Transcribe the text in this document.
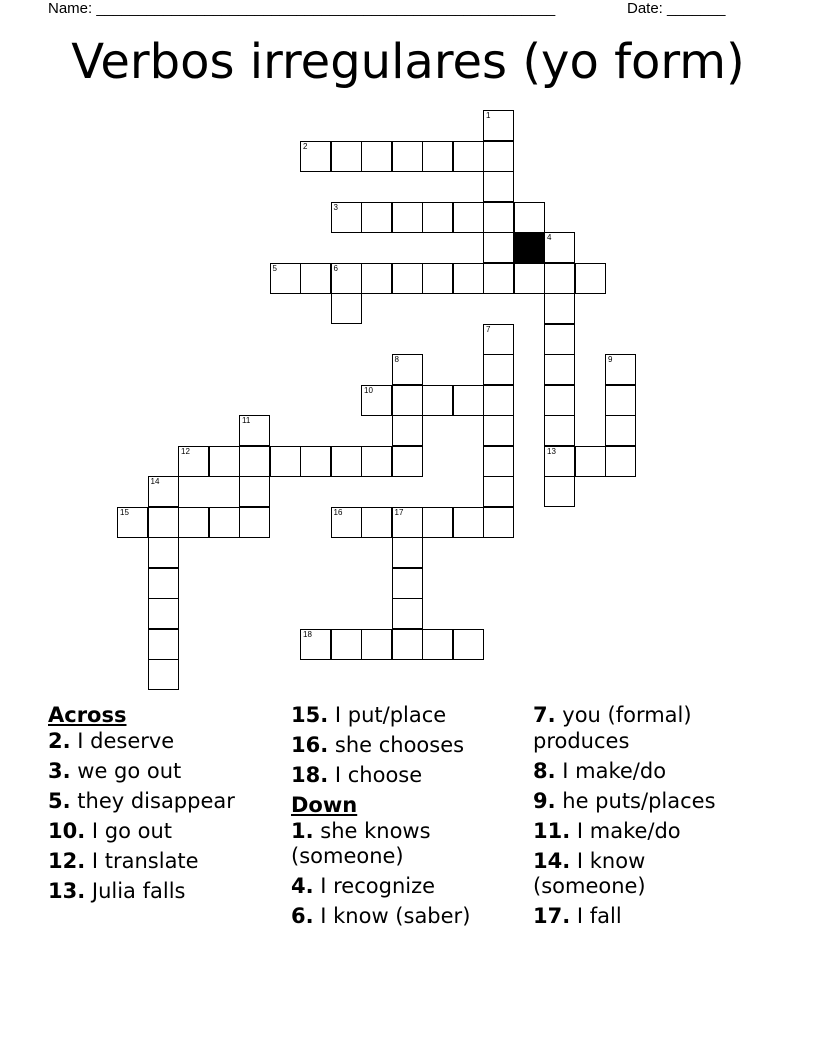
Name: _______________________________________________________	Date: _______
Verbos irregulares (yo form)
1
2
3
4
13
5	6
7
8	9
10
11
12
14
15	16	17
18
Across
2. I deserve
3. we go out
5. they disappear
10. I go out
12. I translate
13. Julia falls
15. I put/place
16. she chooses
18. I choose
Down
1. she knows (someone)
4. I recognize
6. I know (saber)
7. you (formal) produces
8. I make/do
9. he puts/places
11. I make/do
14. I know (someone)
17. I fall
